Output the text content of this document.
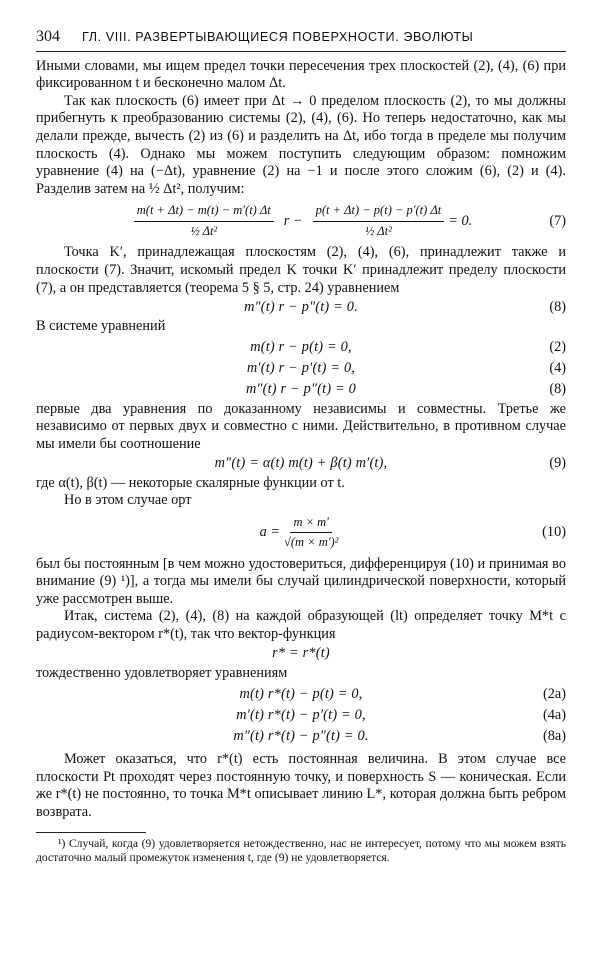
304 ГЛ. VIII. РАЗВЕРТЫВАЮЩИЕСЯ ПОВЕРХНОСТИ. ЭВОЛЮТЫ

Иными словами, мы ищем предел точки пересечения трех плоскостей (2), (4), (6) при фиксированном t и бесконечно малом Δt.

Так как плоскость (6) имеет при Δt → 0 пределом плоскость (2), то мы должны прибегнуть к преобразованию системы (2), (4), (6). Но теперь недостаточно, как мы делали прежде, вычесть (2) из (6) и разделить на Δt, ибо тогда в пределе мы получим плоскость (4). Однако мы можем поступить следующим образом: помножим уравнение (4) на (−Δt), уравнение (2) на −1 и после этого сложим (6), (2) и (4). Разделив затем на ½ Δt², получим:

$\frac{m(t + \Delta t) - m(t) - m'(t) \Delta t}{\text{½ Δt²}}$ $r - \frac{p(t + \Delta t) - p(t) - p'(t) \Delta t}{\text{½ Δt²}} = 0$.	(7)

Точка K′, принадлежащая плоскостям (2), (4), (6), принадлежит также и плоскости (7). Значит, искомый предел K точки K′ принадлежит пределу плоскости (7), а он представляется (теорема 5 § 5, стр. 24) уравнением

m″(t) r − p″(t) = 0.	(8)

В системе уравнений

m(t) r − p(t) = 0,	(2)
m′(t) r − p′(t) = 0,	(4)
m″(t) r − p″(t) = 0	(8)

первые два уравнения по доказанному независимы и совместны. Третье же независимо от первых двух и совместно с ними. Действительно, в противном случае мы имели бы соотношение

m″(t) = α(t) m(t) + β(t) m′(t),	(9)

где α(t), β(t) — некоторые скалярные функции от t.

Но в этом случае орт

$a = \frac{m \times m'}{\text{√(m × m′)²}}$	(10)

был бы постоянным [в чем можно удостовериться, дифференцируя (10) и принимая во внимание (9) ¹)], а тогда мы имели бы случай цилиндрической поверхности, который уже рассмотрен выше.

Итак, система (2), (4), (8) на каждой образующей (lt) определяет точку M*t с радиусом-вектором r*(t), так что вектор-функция

r* = r*(t)

тождественно удовлетворяет уравнениям

m(t) r*(t) − p(t) = 0,	(2а)
m′(t) r*(t) − p′(t) = 0,	(4а)
m″(t) r*(t) − p″(t) = 0.	(8а)

Может оказаться, что r*(t) есть постоянная величина. В этом случае все плоскости Pt проходят через постоянную точку, и поверхность S — коническая. Если же r*(t) не постоянно, то точка M*t описывает линию L*, которая должна быть ребром возврата.

¹) Случай, когда (9) удовлетворяется нетождественно, нас не интересует, потому что мы можем взять достаточно малый промежуток изменения t, где (9) не удовлетворяется.
